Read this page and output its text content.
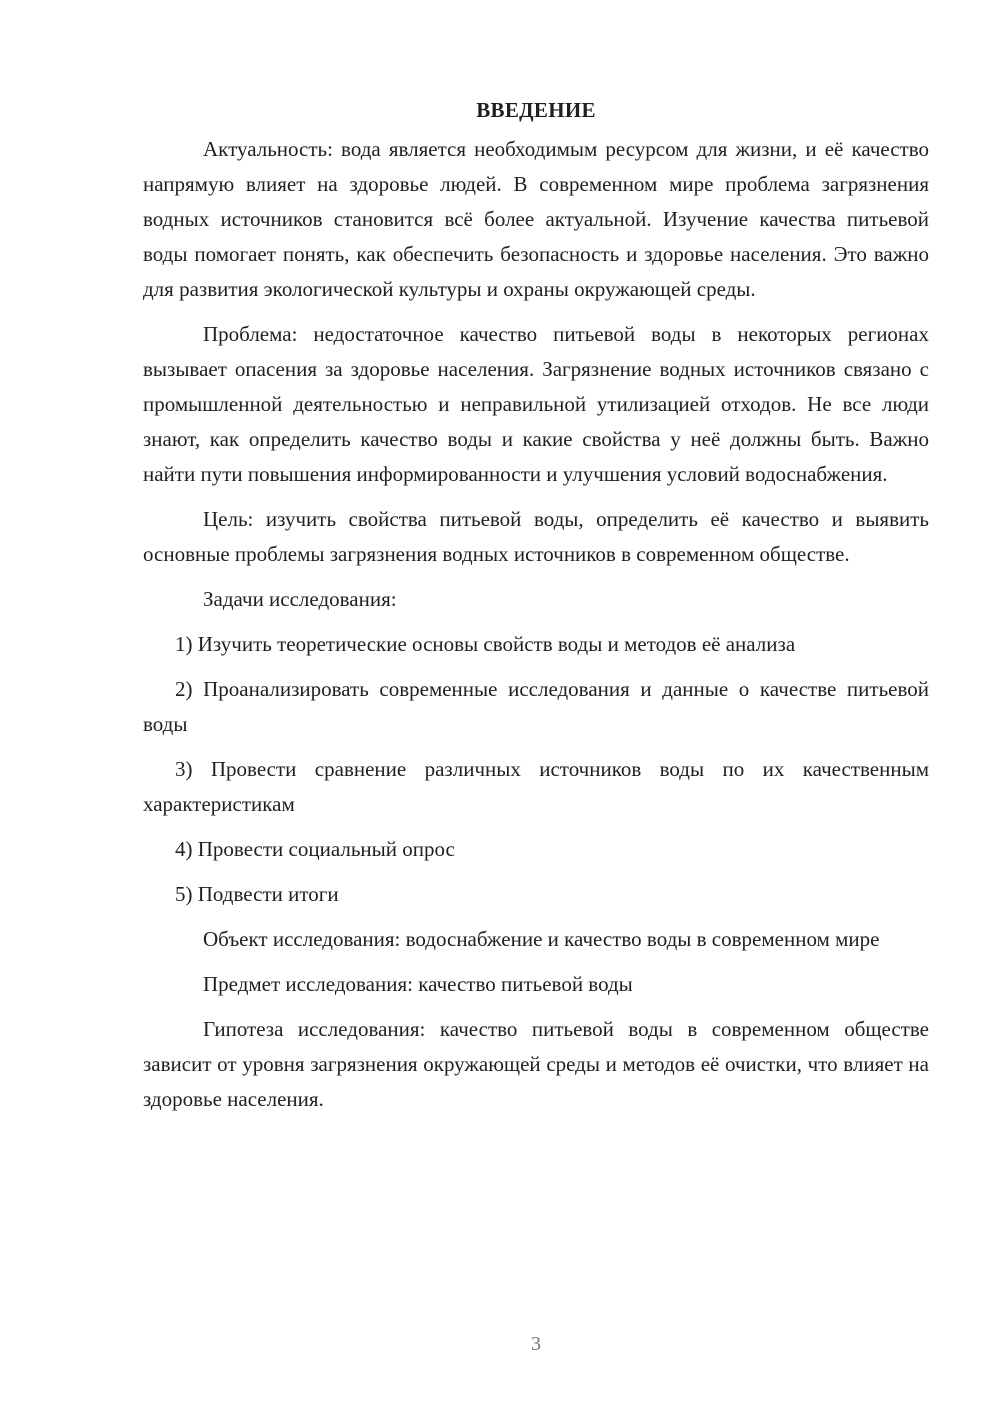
ВВЕДЕНИЕ

Актуальность: вода является необходимым ресурсом для жизни, и её качество напрямую влияет на здоровье людей. В современном мире проблема загрязнения водных источников становится всё более актуальной. Изучение качества питьевой воды помогает понять, как обеспечить безопасность и здоровье населения. Это важно для развития экологической культуры и охраны окружающей среды.

Проблема: недостаточное качество питьевой воды в некоторых регионах вызывает опасения за здоровье населения. Загрязнение водных источников связано с промышленной деятельностью и неправильной утилизацией отходов. Не все люди знают, как определить качество воды и какие свойства у неё должны быть. Важно найти пути повышения информированности и улучшения условий водоснабжения.

Цель: изучить свойства питьевой воды, определить её качество и выявить основные проблемы загрязнения водных источников в современном обществе.

Задачи исследования:

1) Изучить теоретические основы свойств воды и методов её анализа

2) Проанализировать современные исследования и данные о качестве питьевой воды

3) Провести сравнение различных источников воды по их качественным характеристикам

4) Провести социальный опрос

5) Подвести итоги

Объект исследования: водоснабжение и качество воды в современном мире

Предмет исследования: качество питьевой воды

Гипотеза исследования: качество питьевой воды в современном обществе зависит от уровня загрязнения окружающей среды и методов её очистки, что влияет на здоровье населения.

3
